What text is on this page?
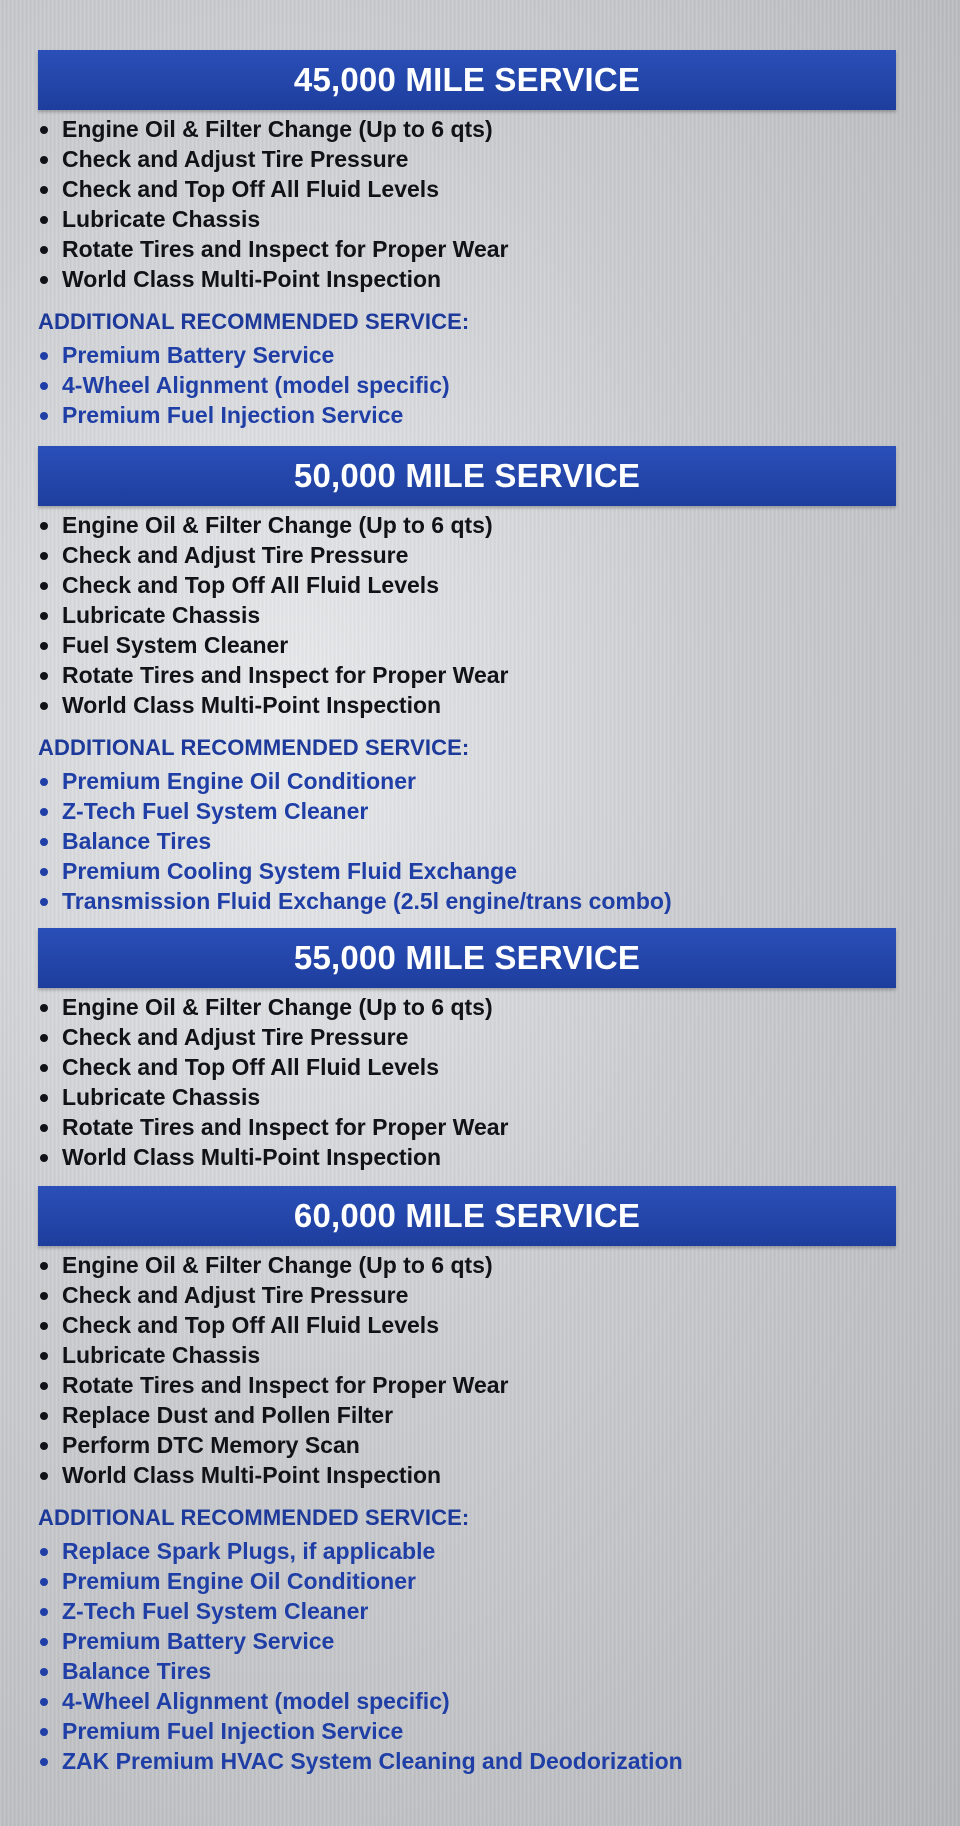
45,000 MILE SERVICE
Engine Oil & Filter Change (Up to 6 qts)
Check and Adjust Tire Pressure
Check and Top Off All Fluid Levels
Lubricate Chassis
Rotate Tires and Inspect for Proper Wear
World Class Multi-Point Inspection
ADDITIONAL RECOMMENDED SERVICE:
Premium Battery Service
4-Wheel Alignment (model specific)
Premium Fuel Injection Service
50,000 MILE SERVICE
Engine Oil & Filter Change (Up to 6 qts)
Check and Adjust Tire Pressure
Check and Top Off All Fluid Levels
Lubricate Chassis
Fuel System Cleaner
Rotate Tires and Inspect for Proper Wear
World Class Multi-Point Inspection
ADDITIONAL RECOMMENDED SERVICE:
Premium Engine Oil Conditioner
Z-Tech Fuel System Cleaner
Balance Tires
Premium Cooling System Fluid Exchange
Transmission Fluid Exchange (2.5l engine/trans combo)
55,000 MILE SERVICE
Engine Oil & Filter Change (Up to 6 qts)
Check and Adjust Tire Pressure
Check and Top Off All Fluid Levels
Lubricate Chassis
Rotate Tires and Inspect for Proper Wear
World Class Multi-Point Inspection
60,000 MILE SERVICE
Engine Oil & Filter Change (Up to 6 qts)
Check and Adjust Tire Pressure
Check and Top Off All Fluid Levels
Lubricate Chassis
Rotate Tires and Inspect for Proper Wear
Replace Dust and Pollen Filter
Perform DTC Memory Scan
World Class Multi-Point Inspection
ADDITIONAL RECOMMENDED SERVICE:
Replace Spark Plugs, if applicable
Premium Engine Oil Conditioner
Z-Tech Fuel System Cleaner
Premium Battery Service
Balance Tires
4-Wheel Alignment (model specific)
Premium Fuel Injection Service
ZAK Premium HVAC System Cleaning and Deodorization
